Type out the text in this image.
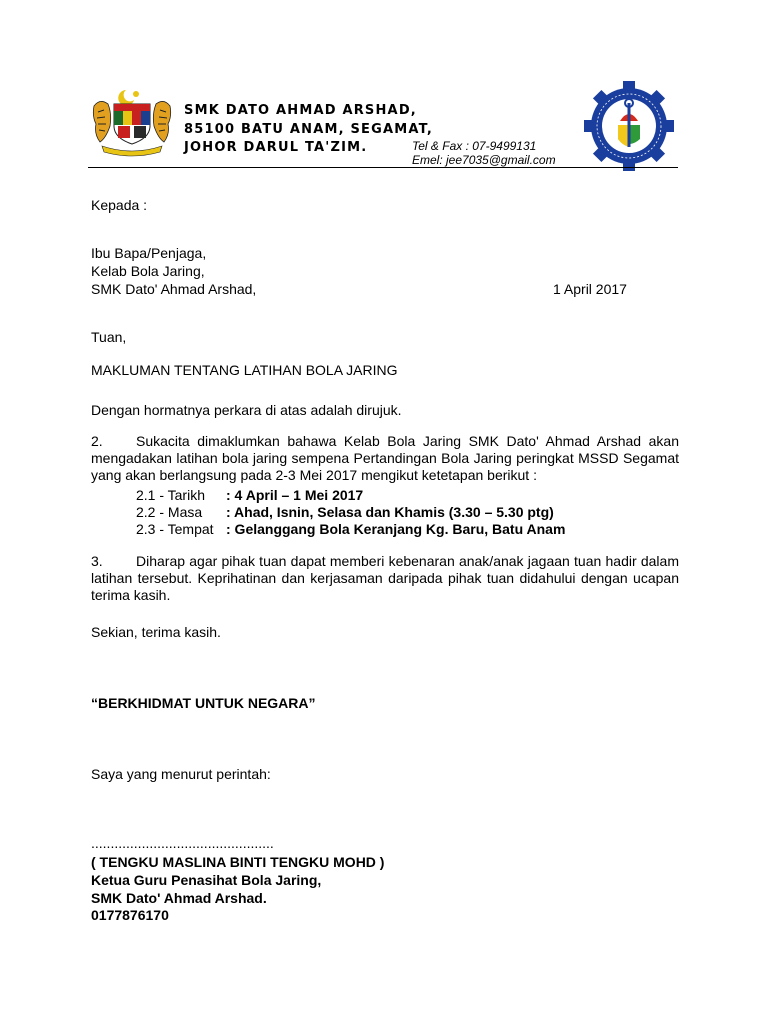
SMK DATO AHMAD ARSHAD,
85100 BATU ANAM, SEGAMAT,
JOHOR DARUL TA'ZIM.	Tel & Fax : 07-9499131
Emel: jee7035@gmail.com
Kepada :
Ibu Bapa/Penjaga,
Kelab Bola Jaring,
SMK Dato' Ahmad Arshad,	1 April 2017
Tuan,
MAKLUMAN TENTANG LATIHAN BOLA JARING
Dengan hormatnya perkara di atas adalah dirujuk.
2. Sukacita dimaklumkan bahawa Kelab Bola Jaring SMK Dato' Ahmad Arshad akan mengadakan latihan bola jaring sempena Pertandingan Bola Jaring peringkat MSSD Segamat yang akan berlangsung pada 2-3 Mei 2017 mengikut ketetapan berikut :
2.1 - Tarikh : 4 April – 1 Mei 2017
2.2 - Masa : Ahad, Isnin, Selasa dan Khamis (3.30 – 5.30 ptg)
2.3 - Tempat : Gelanggang Bola Keranjang Kg. Baru, Batu Anam
3. Diharap agar pihak tuan dapat memberi kebenaran anak/anak jagaan tuan hadir dalam latihan tersebut. Keprihatinan dan kerjasaman daripada pihak tuan didahului dengan ucapan terima kasih.
Sekian, terima kasih.
“BERKHIDMAT UNTUK NEGARA”
Saya yang menurut perintah:
...............................................
( TENGKU MASLINA BINTI TENGKU MOHD )
Ketua Guru Penasihat Bola Jaring,
SMK Dato' Ahmad Arshad.
0177876170
